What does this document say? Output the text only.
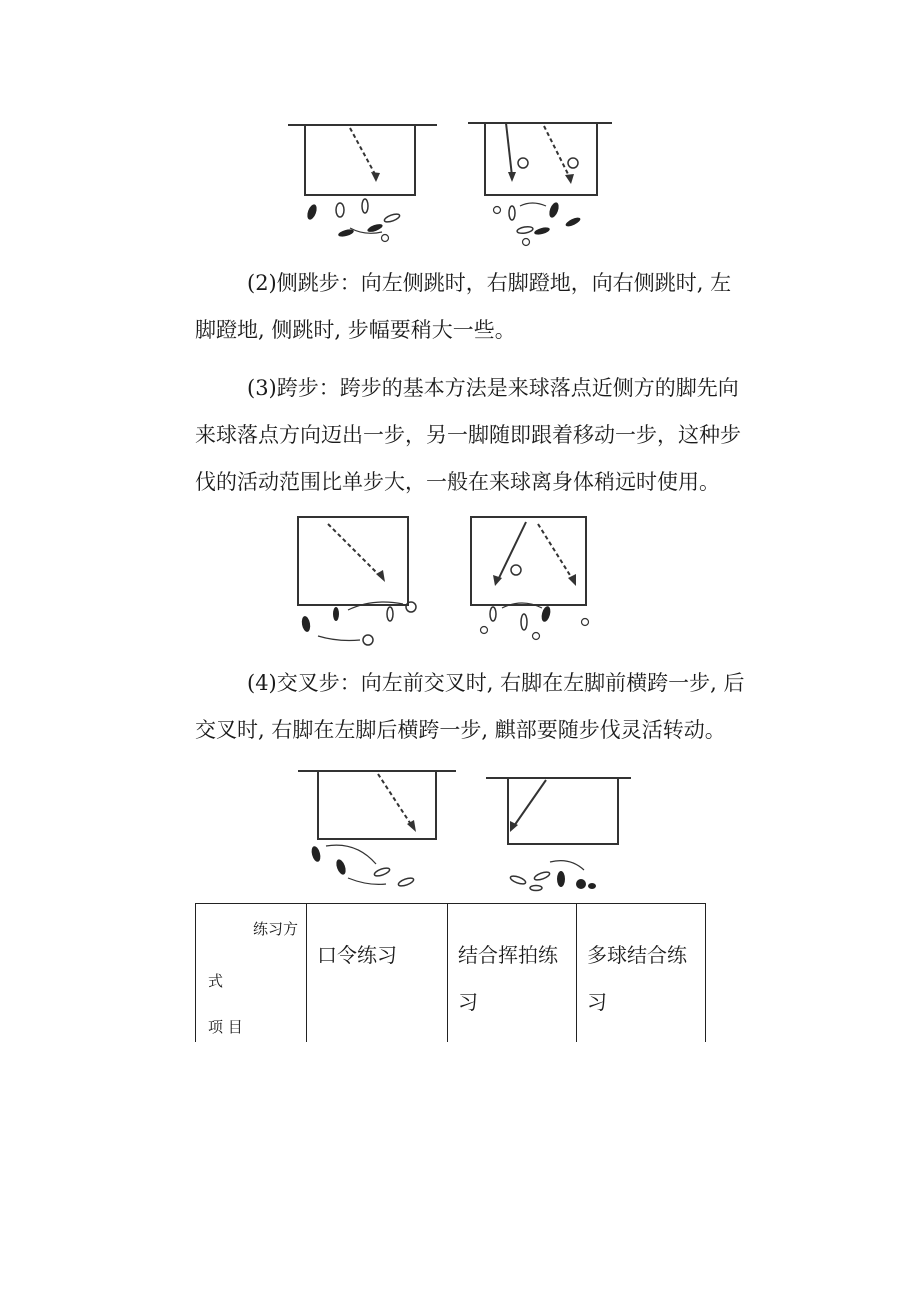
(2)侧跳步：向左侧跳时，右脚蹬地，向右侧跳时, 左
脚蹬地, 侧跳时, 步幅要稍大一些。

(3)跨步：跨步的基本方法是来球落点近侧方的脚先向
来球落点方向迈出一步，另一脚随即跟着移动一步，这种步
伐的活动范围比单步大，一般在来球离身体稍远时使用。

(4)交叉步：向左前交叉时, 右脚在左脚前横跨一步, 后
交叉时, 右脚在左脚后横跨一步, 麒部要随步伐灵活转动。

练习方
式
项 目
	口令练习	结合挥拍练习	多球结合练习
